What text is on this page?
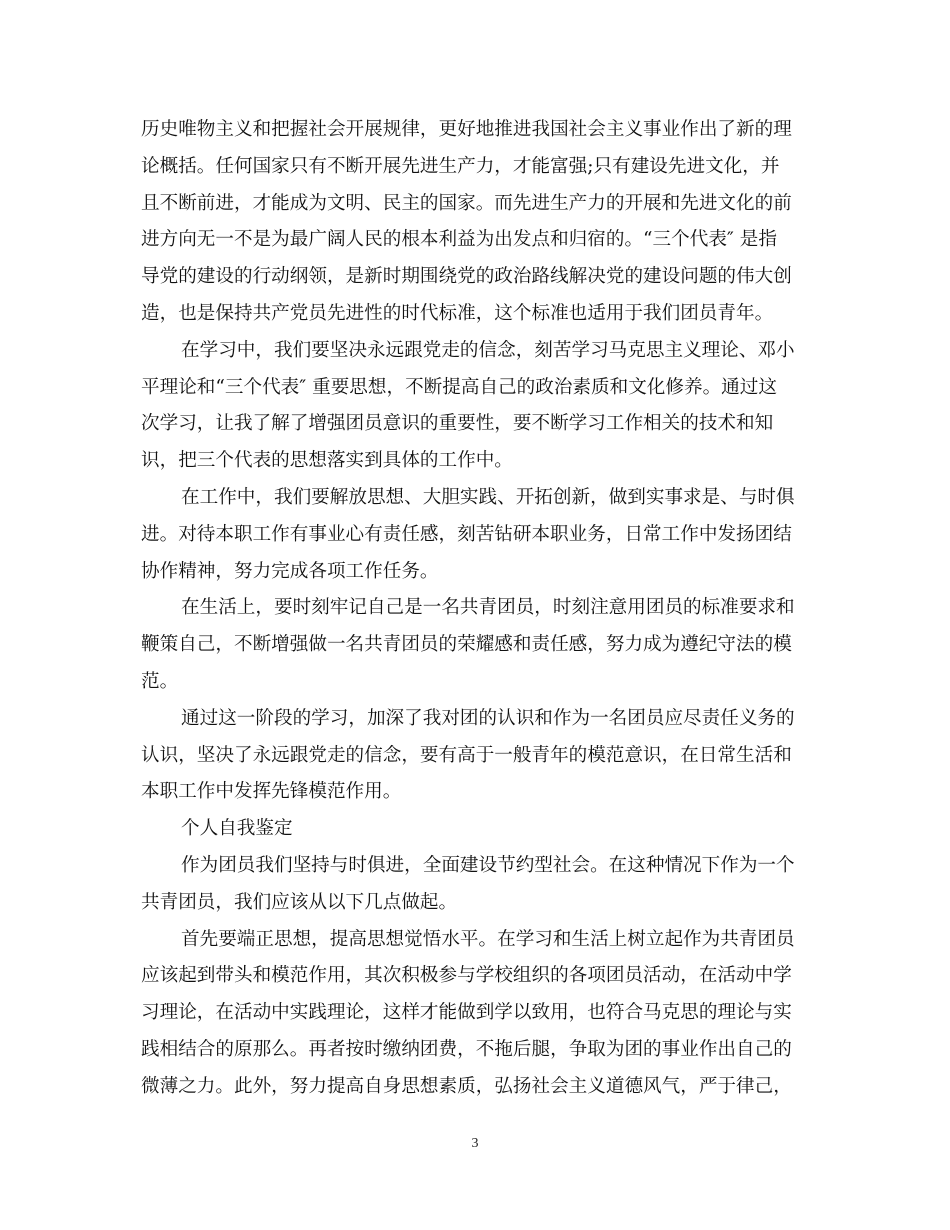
历史唯物主义和把握社会开展规律，更好地推进我国社会主义事业作出了新的理
论概括。任何国家只有不断开展先进生产力，才能富强;只有建设先进文化，并
且不断前进，才能成为文明、民主的国家。而先进生产力的开展和先进文化的前
进方向无一不是为最广阔人民的根本利益为出发点和归宿的。“三个代表″ 是指
导党的建设的行动纲领，是新时期围绕党的政治路线解决党的建设问题的伟大创
造，也是保持共产党员先进性的时代标准，这个标准也适用于我们团员青年。
在学习中，我们要坚决永远跟党走的信念，刻苦学习马克思主义理论、邓小
平理论和“三个代表″ 重要思想，不断提高自己的政治素质和文化修养。通过这
次学习，让我了解了增强团员意识的重要性，要不断学习工作相关的技术和知
识，把三个代表的思想落实到具体的工作中。
在工作中，我们要解放思想、大胆实践、开拓创新，做到实事求是、与时俱
进。对待本职工作有事业心有责任感，刻苦钻研本职业务，日常工作中发扬团结
协作精神，努力完成各项工作任务。
在生活上，要时刻牢记自己是一名共青团员，时刻注意用团员的标准要求和
鞭策自己，不断增强做一名共青团员的荣耀感和责任感，努力成为遵纪守法的模
范。
通过这一阶段的学习，加深了我对团的认识和作为一名团员应尽责任义务的
认识，坚决了永远跟党走的信念，要有高于一般青年的模范意识，在日常生活和
本职工作中发挥先锋模范作用。
个人自我鉴定
作为团员我们坚持与时俱进，全面建设节约型社会。在这种情况下作为一个
共青团员，我们应该从以下几点做起。
首先要端正思想，提高思想觉悟水平。在学习和生活上树立起作为共青团员
应该起到带头和模范作用，其次积极参与学校组织的各项团员活动，在活动中学
习理论，在活动中实践理论，这样才能做到学以致用，也符合马克思的理论与实
践相结合的原那么。再者按时缴纳团费，不拖后腿，争取为团的事业作出自己的
微薄之力。此外，努力提高自身思想素质，弘扬社会主义道德风气，严于律己，
3
